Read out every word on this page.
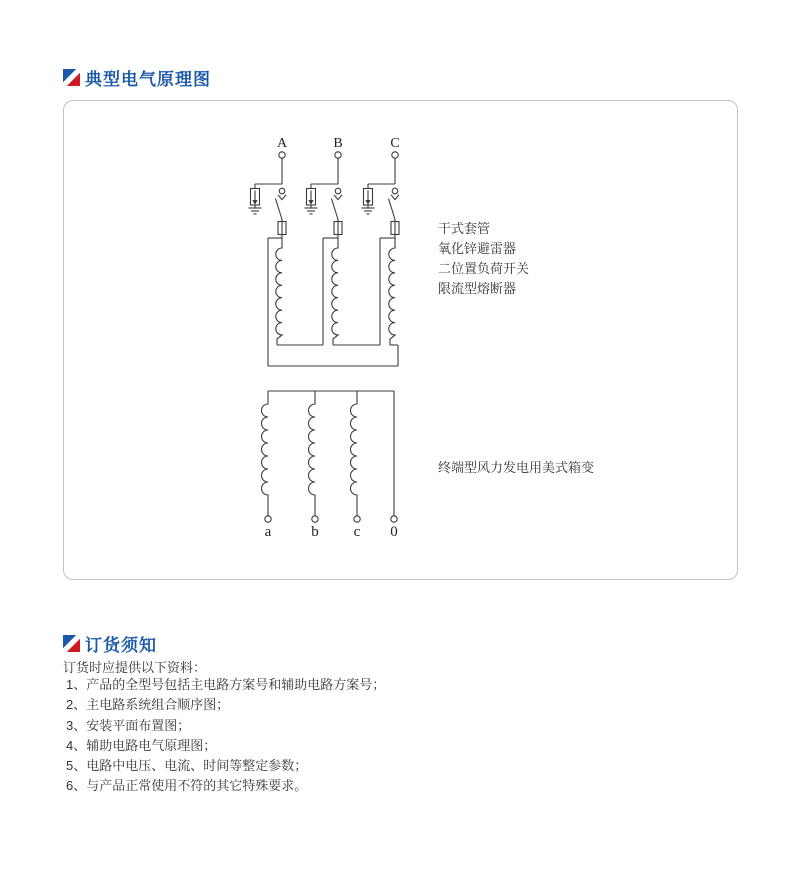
典型电气原理图
A	B	C
干式套管
氧化锌避雷器
二位置负荷开关
限流型熔断器
终端型风力发电用美式箱变
a	b c 0
订货须知
订货时应提供以下资料：
1、产品的全型号包括主电路方案号和辅助电路方案号；
2、主电路系统组合顺序图；
3、安装平面布置图；
4、辅助电路电气原理图；
5、电路中电压、电流、时间等整定参数；
6、与产品正常使用不符的其它特殊要求。
